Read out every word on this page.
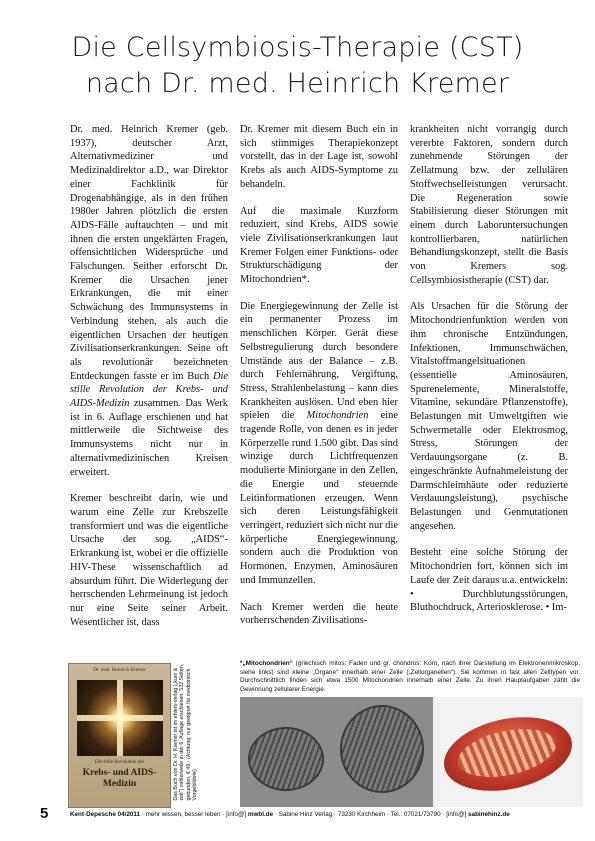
Die Cellsymbiosis-Therapie (CST)
nach Dr. med. Heinrich Kremer

Dr. med. Heinrich Kremer (geb. 1937), deutscher Arzt, Alternativmediziner und Medizinaldirektor a.D., war Direktor einer Fachklinik für Drogenabhängige, als in den frühen 1980er Jahren plötzlich die ersten AIDS-Fälle auftauchten – und mit ihnen die ersten ungeklärten Fragen, offensichtlichen Widersprüche und Fälschungen. Seither erforscht Dr. Kremer die Ursachen jener Erkrankungen, die mit einer Schwächung des Immunsystems in Verbindung stehen, als auch die eigentlichen Ursachen der heutigen Zivilisationserkrankungen. Seine oft als revolutionär bezeichneten Entdeckungen fasste er im Buch Die stille Revolution der Krebs- und AIDS-Medizin zusammen. Das Werk ist in 6. Auflage erschienen und hat mittlerweile die Sichtweise des Immunsystems nicht nur in alternativmedizinischen Kreisen erweitert.

Kremer beschreibt darin, wie und warum eine Zelle zur Krebszelle transformiert und was die eigentliche Ursache der sog. „AIDS“-Erkrankung ist, wobei er die offizielle HIV-These wissenschaftlich ad absurdum führt. Die Widerlegung der herrschenden Lehrmeinung ist jedoch nur eine Seite seiner Arbeit. Wesentlicher ist, dass

Dr. Kremer mit diesem Buch ein in sich stimmiges Therapiekonzept vorstellt, das in der Lage ist, sowohl Krebs als auch AIDS-Symptome zu behandeln.

Auf die maximale Kurzform reduziert, sind Krebs, AIDS sowie viele Zivilisationserkrankungen laut Kremer Folgen einer Funktions- oder Strukturschädigung der Mitochondrien*.

Die Energiegewinnung der Zelle ist ein permanenter Prozess im menschlichen Körper. Gerät diese Selbstregulierung durch besondere Umstände aus der Balance – z.B. durch Fehlernährung, Vergiftung, Stress, Strahlenbelastung – kann dies Krankheiten auslösen. Und eben hier spielen die Mitochondrien eine tragende Rolle, von denen es in jeder Körperzelle rund 1.500 gibt. Das sind winzige durch Lichtfrequenzen modulierte Miniorgane in den Zellen, die Energie und steuernde Leitinformationen erzeugen. Wenn sich deren Leistungsfähigkeit verringert, reduziert sich nicht nur die körperliche Energiegewinnung, sondern auch die Produktion von Hormonen, Enzymen, Aminosäuren und Immunzellen.

Nach Kremer werden die heute vorherrschenden Zivilisations-

krankheiten nicht vorrangig durch vererbte Faktoren, sondern durch zunehmende Störungen der Zellatmung bzw. der zellulären Stoffwechselleistungen verursacht. Die Regeneration sowie Stabilisierung dieser Störungen mit einem durch Laboruntersuchungen kontrollierbaren, natürlichen Behandlungskonzept, stellt die Basis von Kremers sog. Cellsymbiosistherapie (CST) dar.

Als Ursachen für die Störung der Mitochondrienfunktion werden von ihm chronische Entzündungen, Infektionen, Immunschwächen, Vitalstoffmangelsituationen (essentielle Aminosäuren, Spurenelemente, Mineralstoffe, Vitamine, sekundäre Pflanzenstoffe), Belastungen mit Umweltgiften wie Schwermetalle oder Elektrosmog, Stress, Störungen der Verdauungsorgane (z. B. eingeschränkte Aufnahmeleistung der Darmschleimhäute oder reduzierte Verdauungsleistung), psychische Belastungen und Genmutationen angesehen.

Besteht eine solche Störung der Mitochondrien fort, können sich im Laufe der Zeit daraus u.a. entwickeln: • Durchblutungsstörungen, Bluthochdruck, Arteriosklerose. • Im-

Dr. med. Heinrich Kremer
Die stille Revolution der
Krebs- und AIDS-Medizin	Das Buch von Dr. H. Kremer ist im ehlers-verlag („kum & zeit“) mittlerweile in der 6. Auflage erschienen. 532 Seiten, gebunden, € 49,- (Achtung: nur geeignet für medizinisch Vorgebildete).
*„Mitochondrien“ (griechisch mitos: Faden und gr. chondros: Korn, nach ihrer Darstellung im Elektronenmikroskop, siehe links) sind kleine „Organe“ innerhalb einer Zelle („Zellorganellen“). Sie kommen in fast allen Zelltypen vor. Durchschnittlich finden sich etwa 1500 Mitochondrien innerhalb einer Zelle. Zu ihren Hauptaufgaben zählt die Gewinnung zellularer Energie.
5	Kent-Depesche 04/2011 · mehr wissen, besser leben · [info@] mwbl.de · Sabine Hinz Verlag · 73230 Kirchheim · Tel.: 07021/73790 · [info@] sabinehinz.de
